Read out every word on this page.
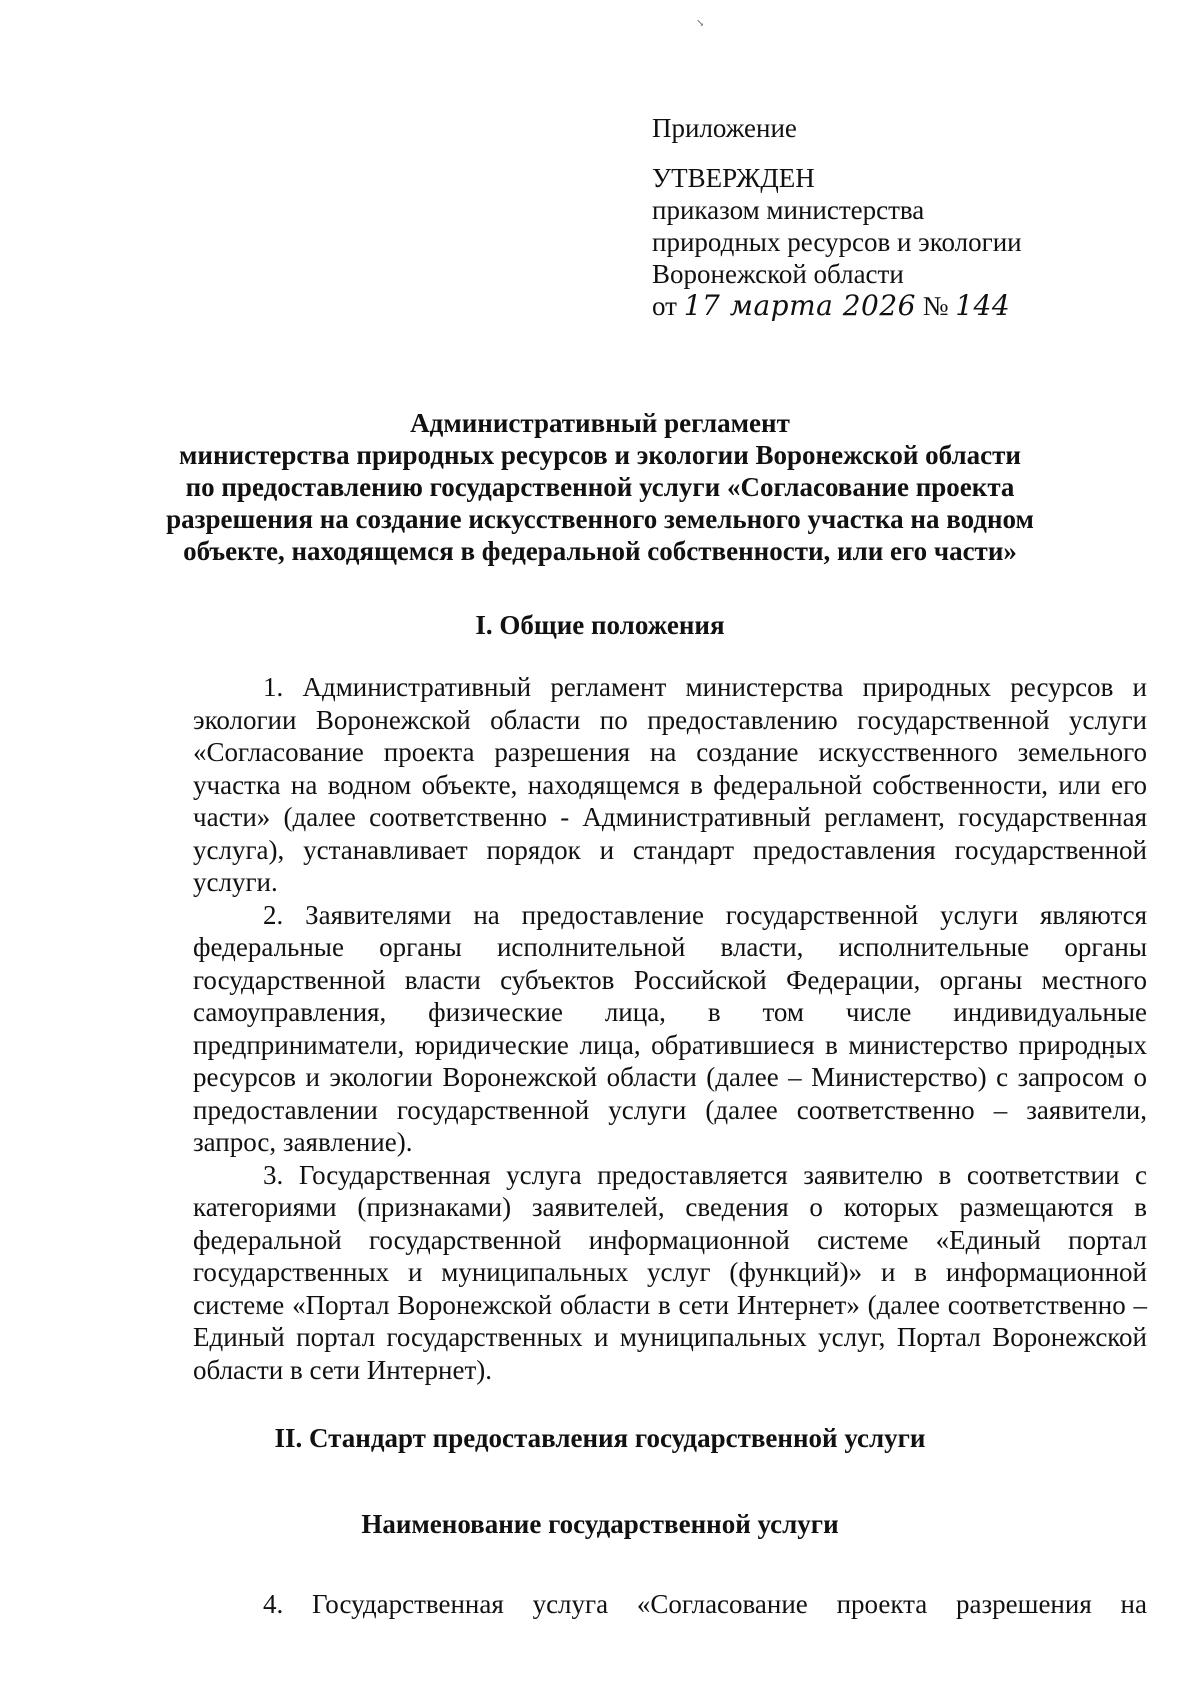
↘
Приложение
УТВЕРЖДЕН
приказом министерства
природных ресурсов и экологии
Воронежской области
от 17 марта 2026 № 144
Административный регламент
министерства природных ресурсов и экологии Воронежской области
по предоставлению государственной услуги «Согласование проекта
разрешения на создание искусственного земельного участка на водном
объекте, находящемся в федеральной собственности, или его части»
I. Общие положения

1. Административный регламент министерства природных ресурсов и экологии Воронежской области по предоставлению государственной услуги «Согласование проекта разрешения на создание искусственного земельного участка на водном объекте, находящемся в федеральной собственности, или его части» (далее соответственно - Административный регламент, государственная услуга), устанавливает порядок и стандарт предоставления государственной услуги.

2. Заявителями на предоставление государственной услуги являются федеральные органы исполнительной власти, исполнительные органы государственной власти субъектов Российской Федерации, органы местного самоуправления, физические лица, в том числе индивидуальные предприниматели, юридические лица, обратившиеся в министерство природных ресурсов и экологии Воронежской области (далее – Министерство) с запросом о предоставлении государственной услуги (далее соответственно – заявители, запрос, заявление).

3. Государственная услуга предоставляется заявителю в соответствии с категориями (признаками) заявителей, сведения о которых размещаются в федеральной государственной информационной системе «Единый портал государственных и муниципальных услуг (функций)» и в информационной системе «Портал Воронежской области в сети Интернет» (далее соответственно – Единый портал государственных и муниципальных услуг, Портал Воронежской области в сети Интернет).

II. Стандарт предоставления государственной услуги
Наименование государственной услуги
4. Государственная услуга «Согласование проекта разрешения на
